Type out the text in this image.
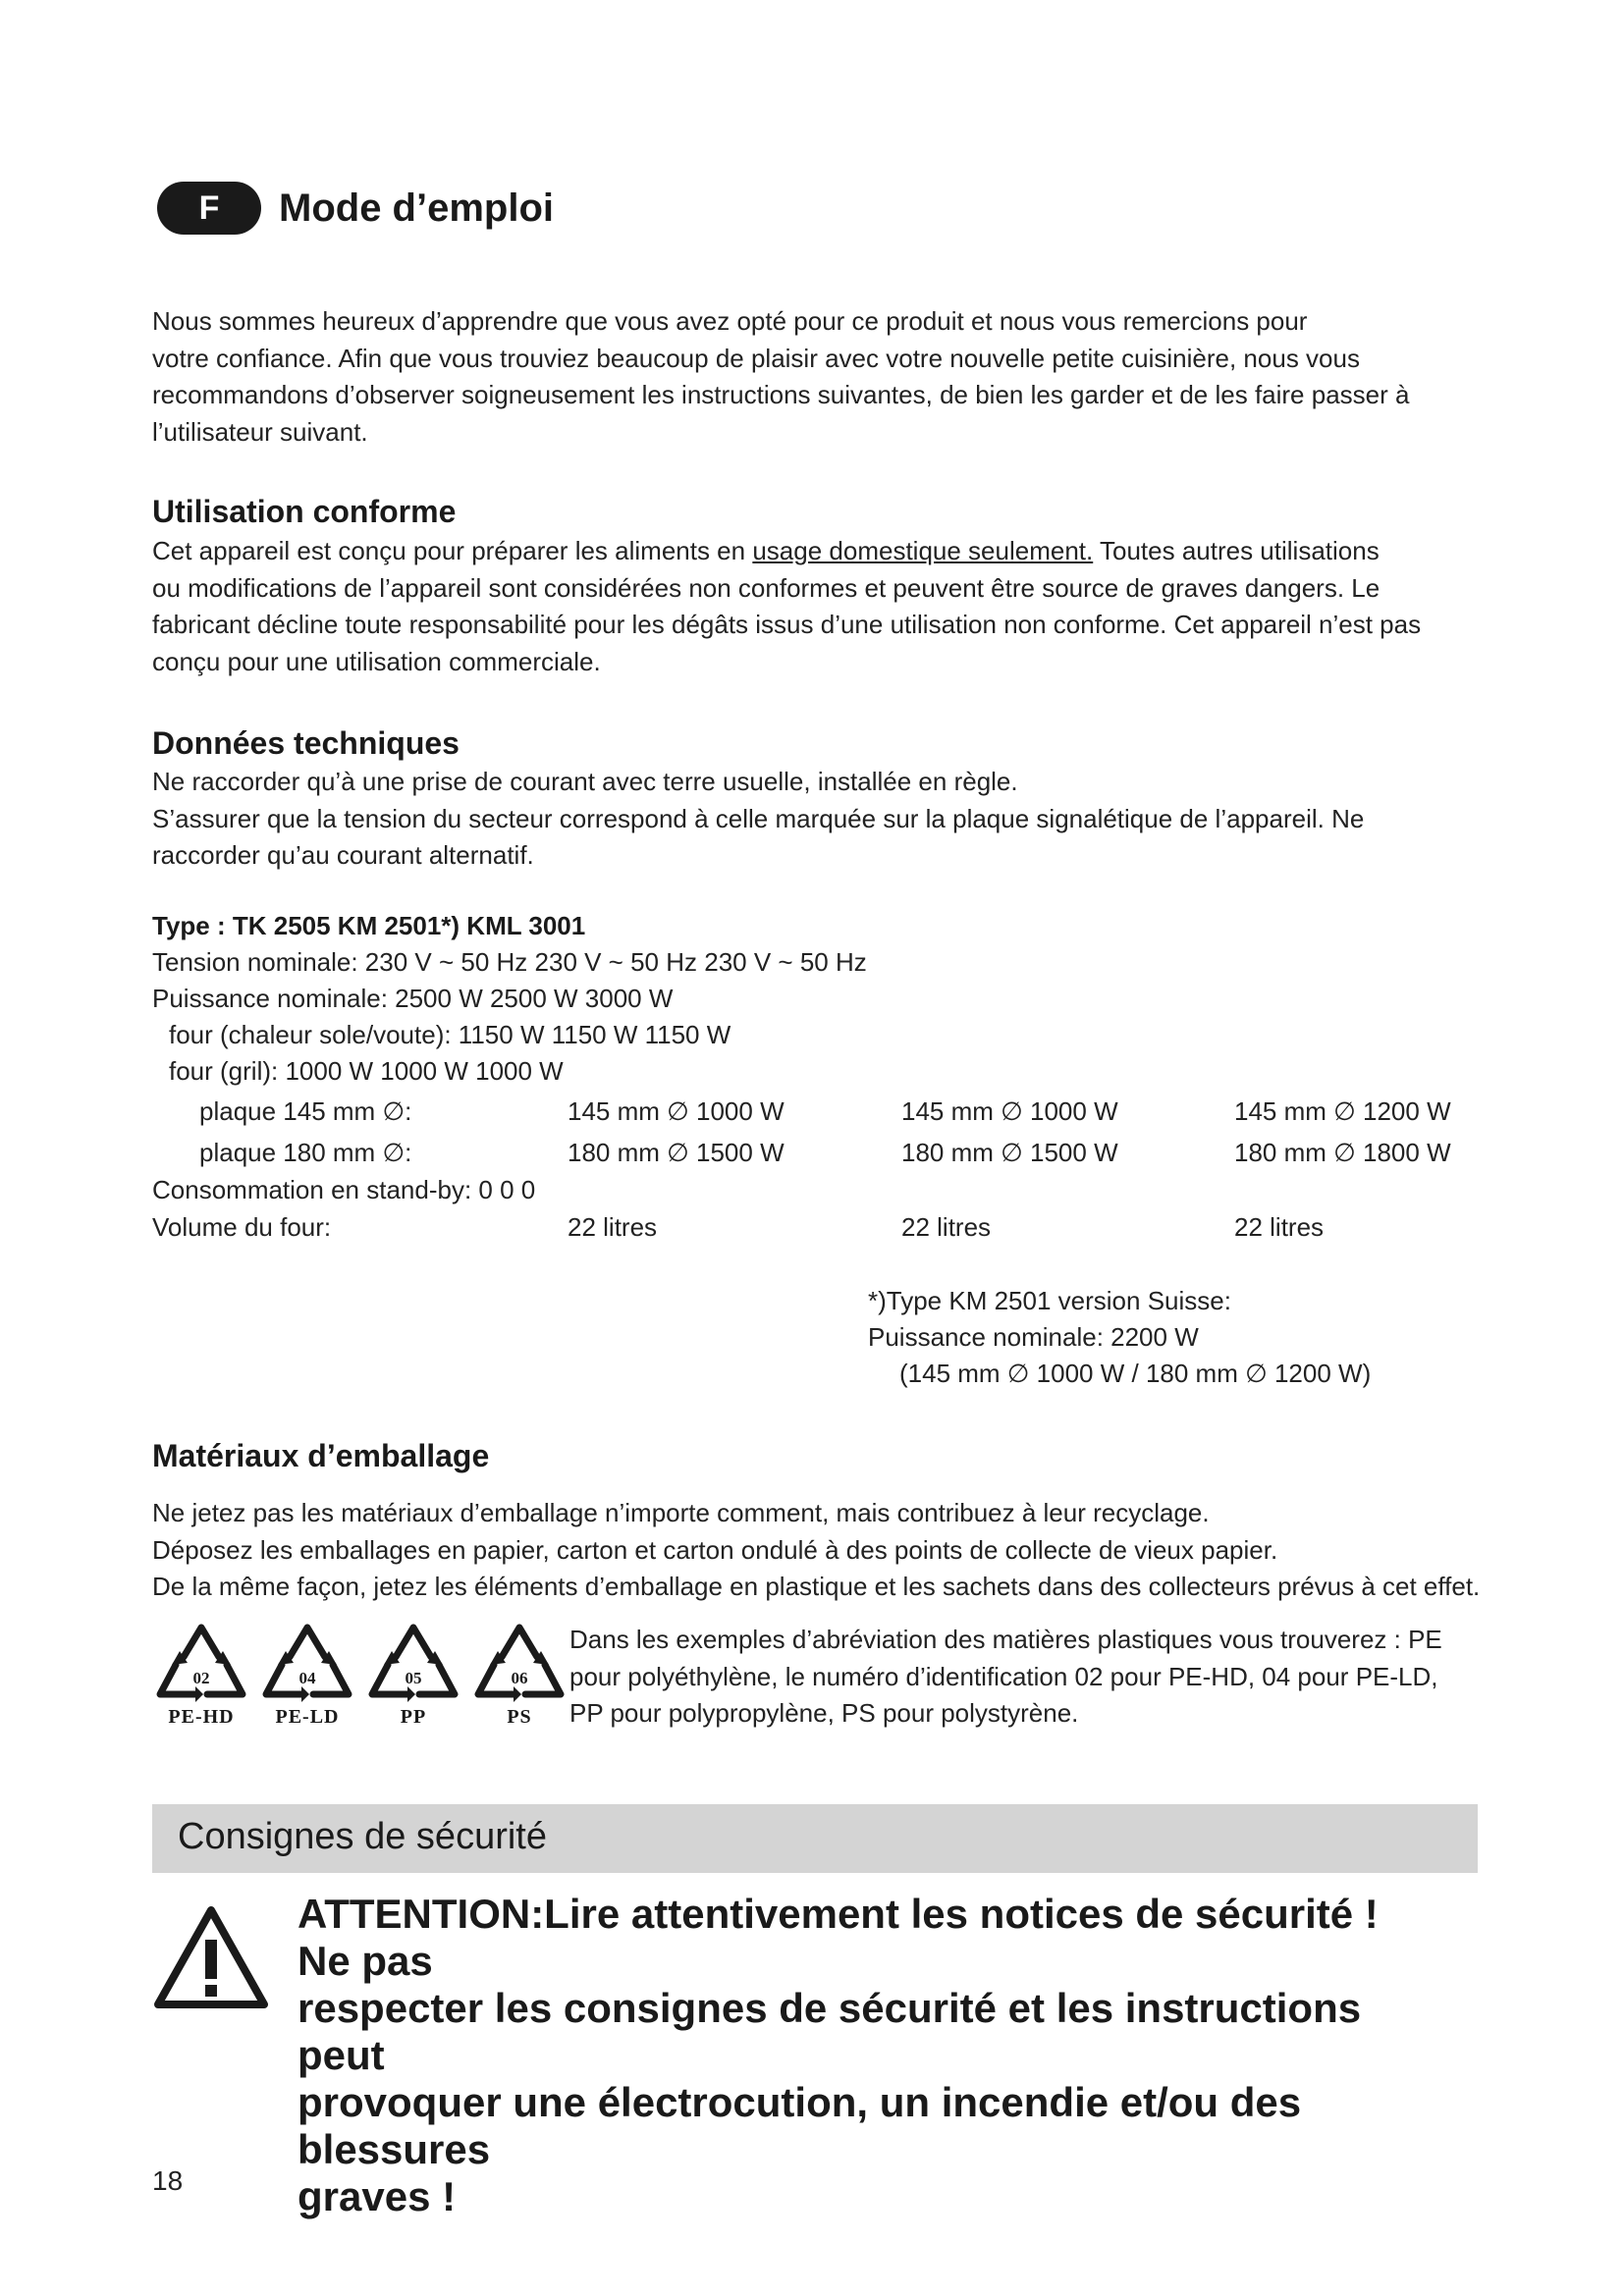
F	Mode d’emploi
Nous sommes heureux d’apprendre que vous avez opté pour ce produit et nous vous remercions pour
votre confiance. Afin que vous trouviez beaucoup de plaisir avec votre nouvelle petite cuisinière, nous vous
recommandons d’observer soigneusement les instructions suivantes, de bien les garder et de les faire passer à
l’utilisateur suivant.
Utilisation conforme
Cet appareil est conçu pour préparer les aliments en usage domestique seulement. Toutes autres utilisations
ou modifications de l’appareil sont considérées non conformes et peuvent être source de graves dangers. Le
fabricant décline toute responsabilité pour les dégâts issus d’une utilisation non conforme. Cet appareil n’est pas
conçu pour une utilisation commerciale.
Données techniques
Ne raccorder qu’à une prise de courant avec terre usuelle, installée en règle.
S’assurer que la tension du secteur correspond à celle marquée sur la plaque signalétique de l’appareil. Ne
raccorder qu’au courant alternatif.
Type : TK 2505 KM 2501*) KML 3001
Tension nominale: 230 V ~ 50 Hz 230 V ~ 50 Hz 230 V ~ 50 Hz
Puissance nominale: 2500 W 2500 W 3000 W
four (chaleur sole/voute): 1150 W 1150 W 1150 W
four (gril): 1000 W 1000 W 1000 W
plaque 145 mm ∅:	145 mm ∅ 1000 W	145 mm ∅ 1000 W	145 mm ∅ 1200 W
plaque 180 mm ∅:	180 mm ∅ 1500 W	180 mm ∅ 1500 W	180 mm ∅ 1800 W
Consommation en stand-by: 0 0 0
Volume du four:	22 litres	22 litres	22 litres
*)Type KM 2501 version Suisse:
Puissance nominale: 2200 W
(145 mm ∅ 1000 W / 180 mm ∅ 1200 W)
Matériaux d’emballage
Ne jetez pas les matériaux d’emballage n’importe comment, mais contribuez à leur recyclage.
Déposez les emballages en papier, carton et carton ondulé à des points de collecte de vieux papier.
De la même façon, jetez les éléments d’emballage en plastique et les sachets dans des collecteurs prévus à cet effet.
02
PE-HD
04
PE-LD
05
PP
06
PS
Dans les exemples d’abréviation des matières plastiques vous trouverez : PE
pour polyéthylène, le numéro d’identification 02 pour PE-HD, 04 pour PE-LD,
PP pour polypropylène, PS pour polystyrène.
Consignes de sécurité
ATTENTION:Lire attentivement les notices de sécurité ! Ne pas
respecter les consignes de sécurité et les instructions peut
provoquer une électrocution, un incendie et/ou des blessures
graves !
18
